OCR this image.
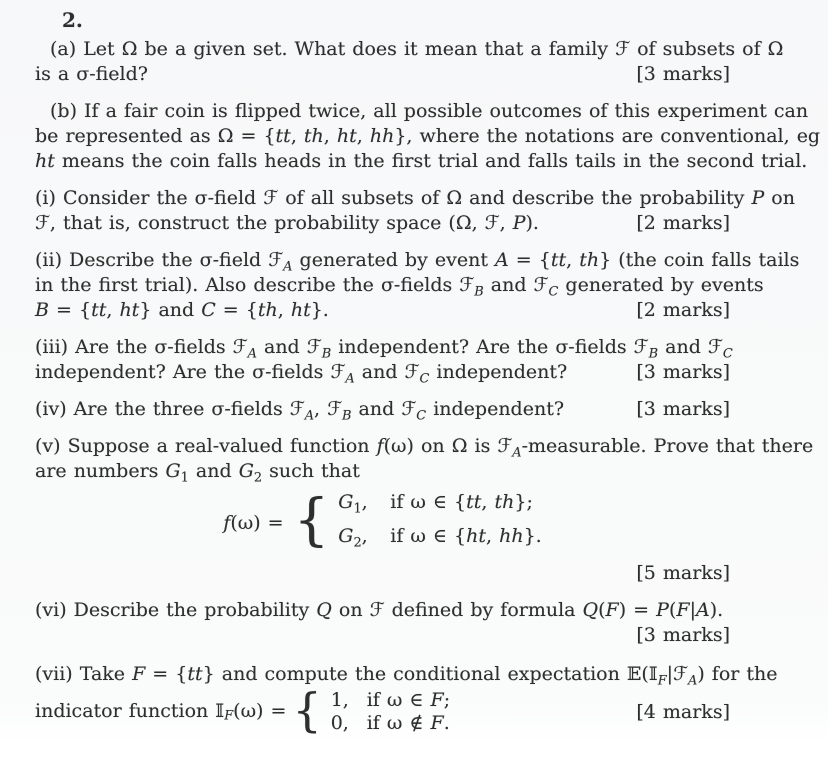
2.
(a) Let Ω be a given set. What does it mean that a family ℱ of subsets of Ω
is a σ-field?	[3 marks]
(b) If a fair coin is flipped twice, all possible outcomes of this experiment can
be represented as Ω = {tt, th, ht, hh}, where the notations are conventional, eg
ht means the coin falls heads in the first trial and falls tails in the second trial.
(i) Consider the σ-field ℱ of all subsets of Ω and describe the probability P on
ℱ, that is, construct the probability space (Ω, ℱ, P).	[2 marks]
(ii) Describe the σ-field ℱ$_A$ generated by event A = {tt, th} (the coin falls tails
in the first trial). Also describe the σ-fields ℱ$_B$ and ℱ$_C$ generated by events
B = {tt, ht} and C = {th, ht}.	[2 marks]
(iii) Are the σ-fields ℱ$_A$ and ℱ$_B$ independent? Are the σ-fields ℱ$_B$ and ℱ$_C$
independent? Are the σ-fields ℱ$_A$ and ℱ$_C$ independent?	[3 marks]
(iv) Are the three σ-fields ℱ$_A$, ℱ$_B$ and ℱ$_C$ independent?	[3 marks]
(v) Suppose a real-valued function f(ω) on Ω is ℱ$_A$-measurable. Prove that there
are numbers $G_1$ and $G_2$ such that
f(ω) = { $G_1$,	if ω ∈ {tt, th};
$G_2$,	if ω ∈ {ht, hh}.
[5 marks]
(vi) Describe the probability Q on ℱ defined by formula Q(F) = P(F|A).
[3 marks]
(vii) Take F = {tt} and compute the conditional expectation 𝔼(𝕀$_F$|ℱ$_A$) for the
indicator function 𝕀$_F$(ω) = { 1, if ω ∈ F;
0, if ω ∉ F.	[4 marks]
